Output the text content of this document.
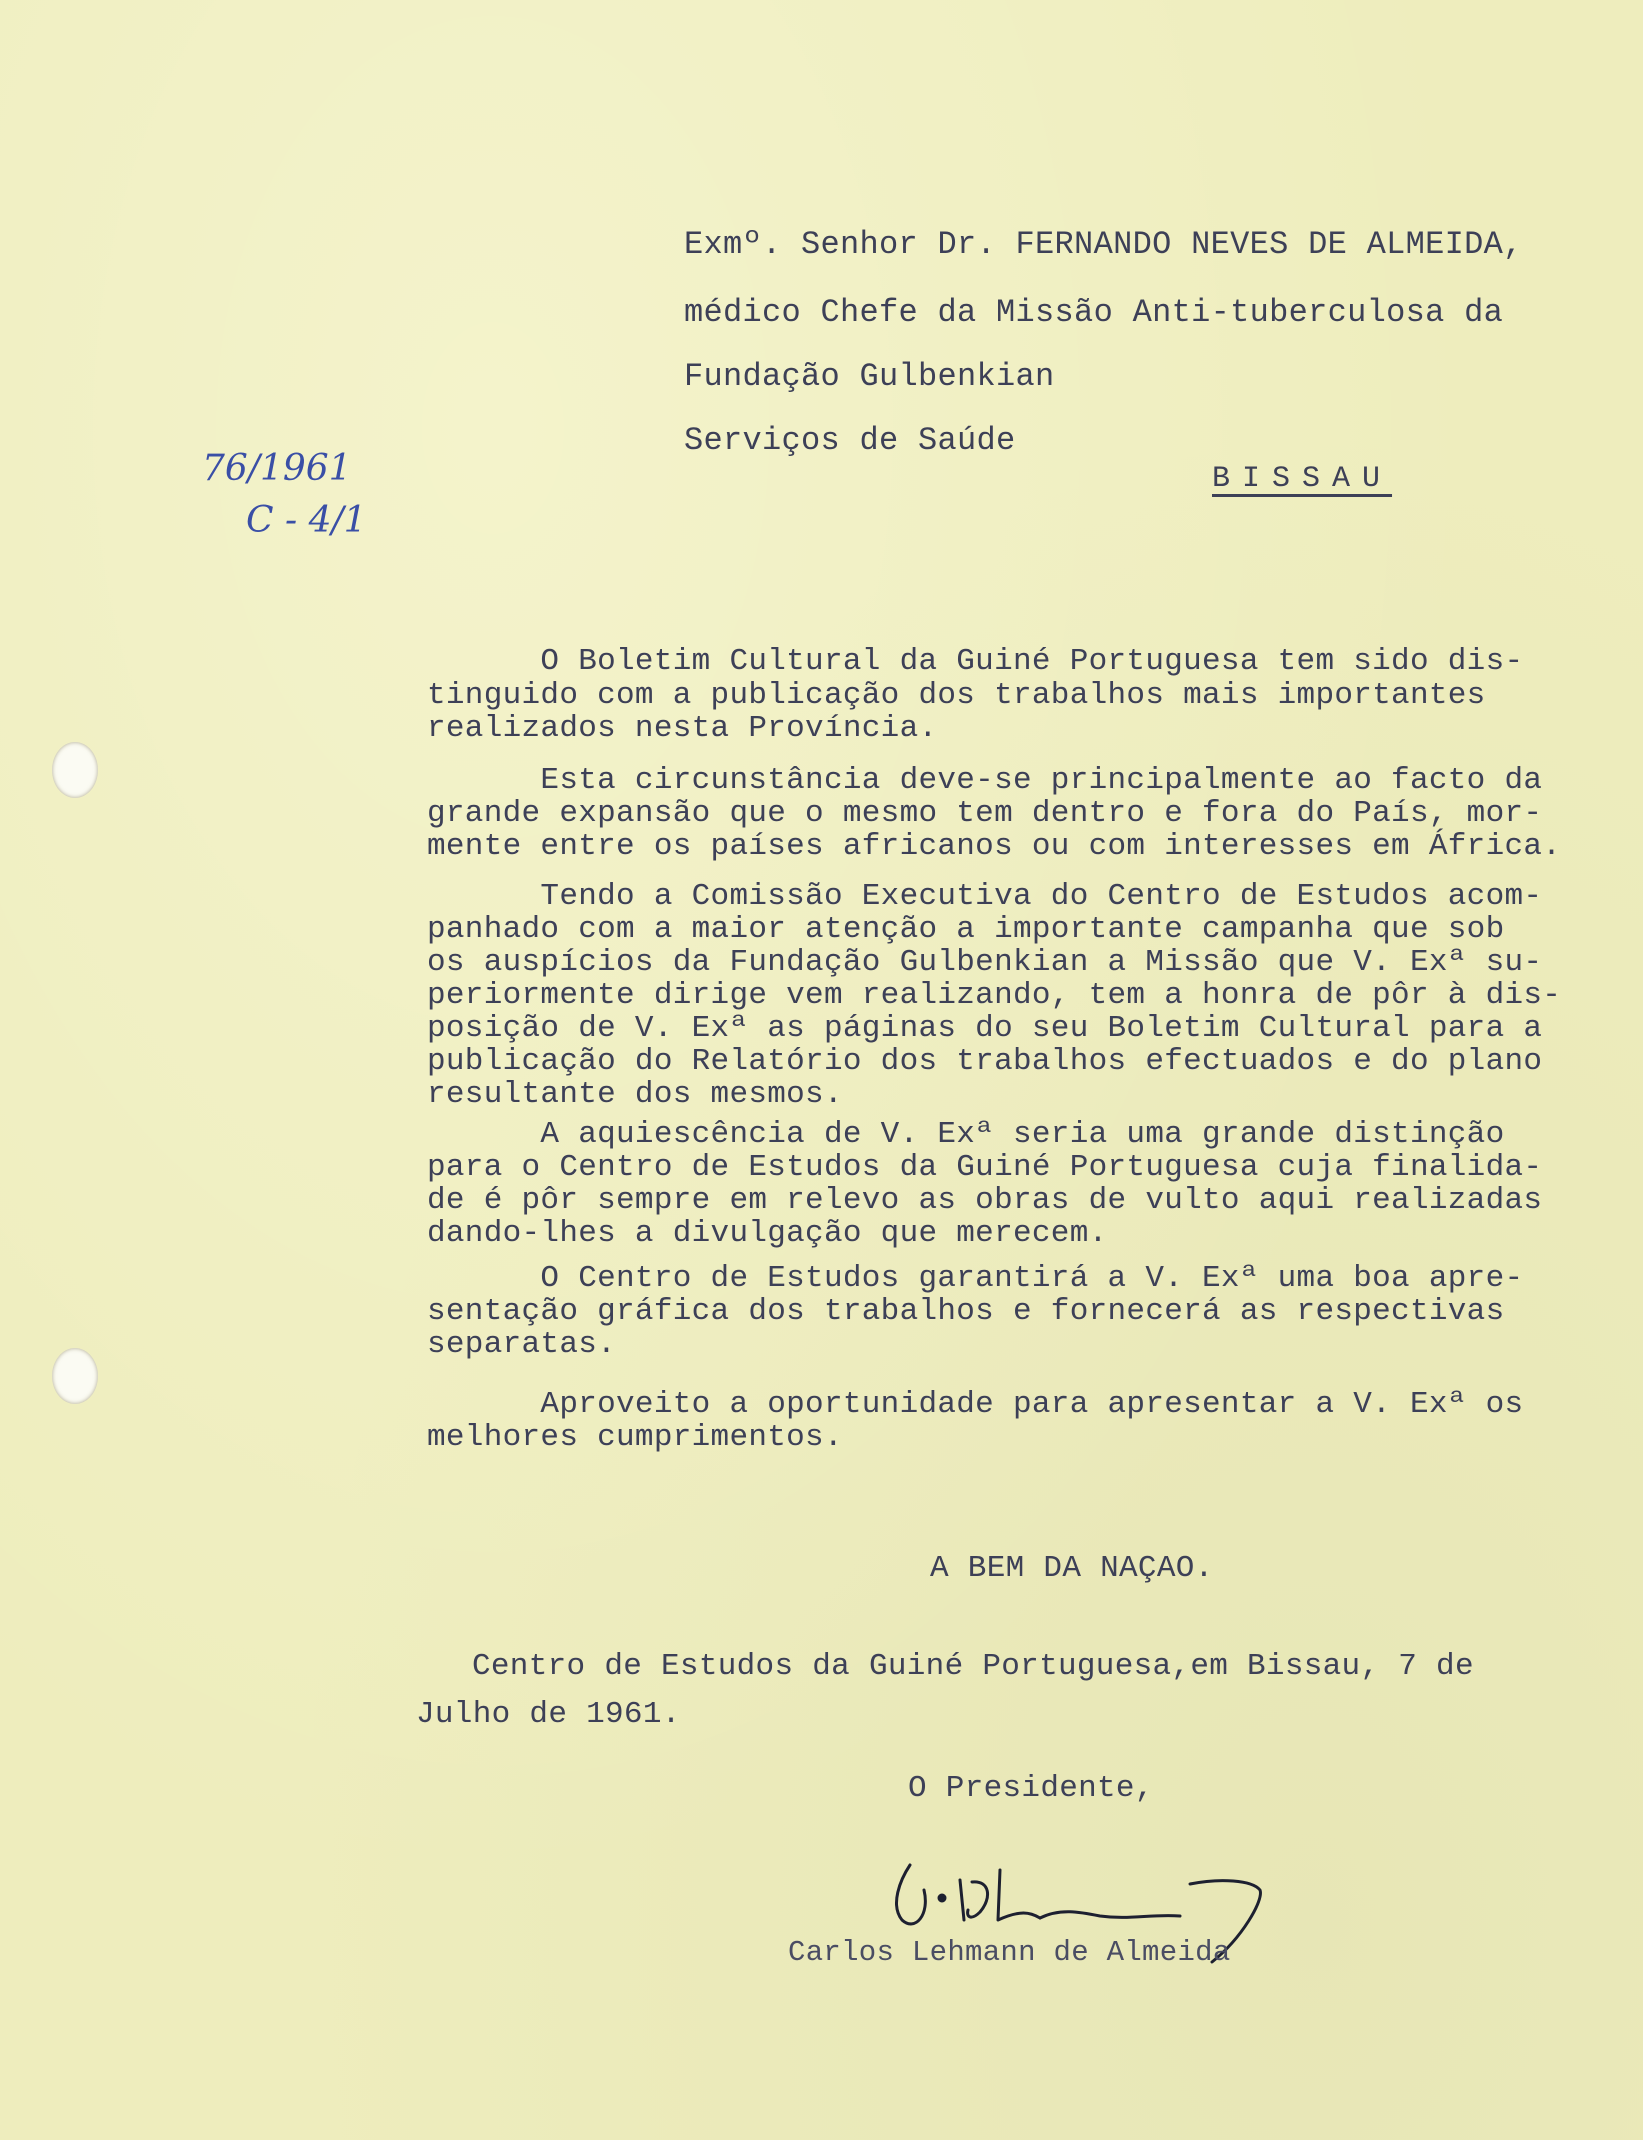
Exmº. Senhor Dr. FERNANDO NEVES DE ALMEIDA,
médico Chefe da Missão Anti-tuberculosa da
Fundação Gulbenkian
Serviços de Saúde
BISSAU
76/1961
C - 4/1
O Boletim Cultural da Guiné Portuguesa tem sido dis-
tinguido com a publicação dos trabalhos mais importantes
realizados nesta Província.
Esta circunstância deve-se principalmente ao facto da
grande expansão que o mesmo tem dentro e fora do País, mor-
mente entre os países africanos ou com interesses em África.
Tendo a Comissão Executiva do Centro de Estudos acom-
panhado com a maior atenção a importante campanha que sob
os auspícios da Fundação Gulbenkian a Missão que V. Exª su-
periormente dirige vem realizando, tem a honra de pôr à dis-
posição de V. Exª as páginas do seu Boletim Cultural para a
publicação do Relatório dos trabalhos efectuados e do plano
resultante dos mesmos.
A aquiescência de V. Exª seria uma grande distinção
para o Centro de Estudos da Guiné Portuguesa cuja finalida-
de é pôr sempre em relevo as obras de vulto aqui realizadas
dando-lhes a divulgação que merecem.
O Centro de Estudos garantirá a V. Exª uma boa apre-
sentação gráfica dos trabalhos e fornecerá as respectivas
separatas.
Aproveito a oportunidade para apresentar a V. Exª os
melhores cumprimentos.
A BEM DA NAÇAO.
Centro de Estudos da Guiné Portuguesa,em Bissau, 7 de
Julho de 1961.
O Presidente,
Carlos Lehmann de Almeida
